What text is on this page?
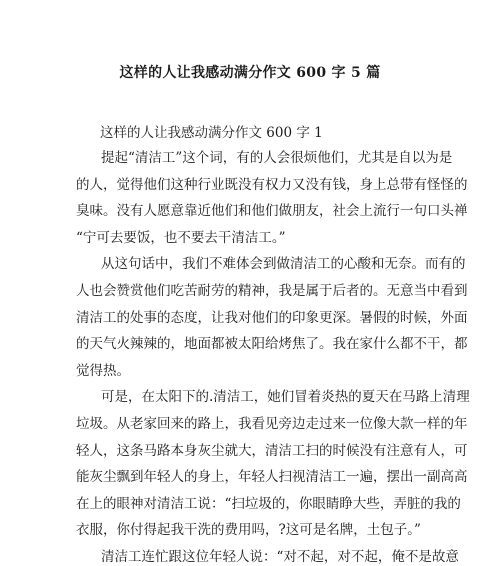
这样的人让我感动满分作文 600 字 5 篇
这样的人让我感动满分作文 600 字 1

提起“清洁工”这个词，有的人会很烦他们，尤其是自以为是
的人，觉得他们这种行业既没有权力又没有钱，身上总带有怪怪的
臭味。没有人愿意靠近他们和他们做朋友，社会上流行一句口头禅
“宁可去要饭，也不要去干清洁工。”

从这句话中，我们不难体会到做清洁工的心酸和无奈。而有的
人也会赞赏他们吃苦耐劳的精神，我是属于后者的。无意当中看到
清洁工的处事的态度，让我对他们的印象更深。暑假的时候，外面
的天气火辣辣的，地面都被太阳给烤焦了。我在家什么都不干，都
觉得热。

可是，在太阳下的.清洁工，她们冒着炎热的夏天在马路上清理
垃圾。从老家回来的路上，我看见旁边走过来一位像大款一样的年
轻人，这条马路本身灰尘就大，清洁工扫的时候没有注意有人，可
能灰尘飘到年轻人的身上，年轻人扫视清洁工一遍，摆出一副高高
在上的眼神对清洁工说：“扫垃圾的，你眼睛睁大些，弄脏的我的
衣服，你付得起我干洗的费用吗，?这可是名牌，土包子。”

清洁工连忙跟这位年轻人说：“对不起，对不起，俺不是故意
